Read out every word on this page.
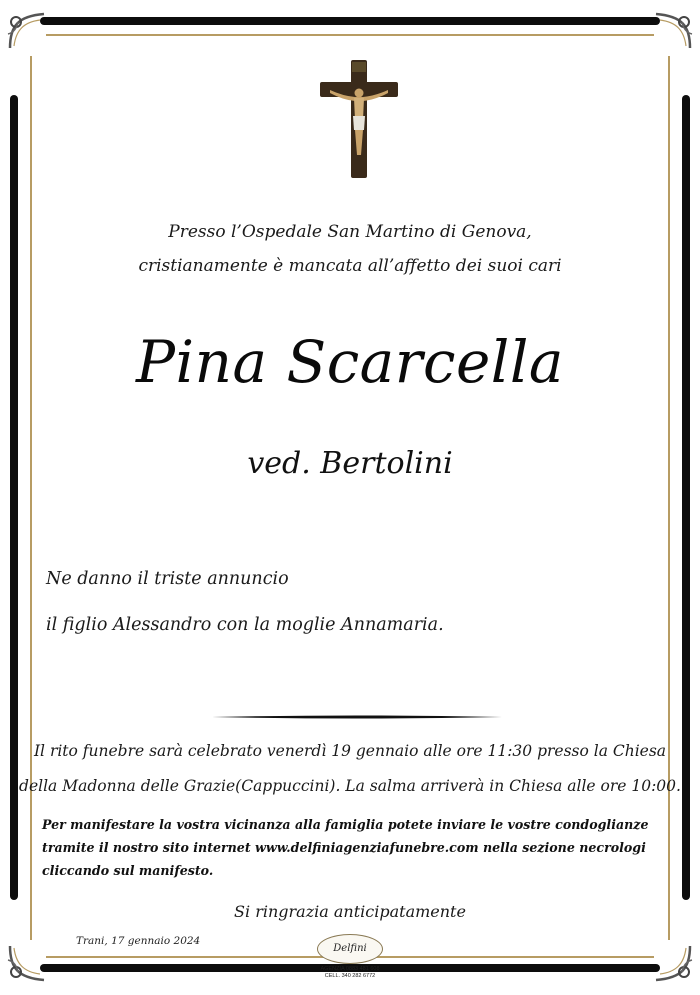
Presso l’Ospedale San Martino di Genova,
cristianamente è mancata all’affetto dei suoi cari
Pina Scarcella
ved. Bertolini
Ne danno il triste annuncio
il figlio Alessandro con la moglie Annamaria.
Il rito funebre sarà celebrato venerdì 19 gennaio alle ore 11:30 presso la Chiesa
della Madonna delle Grazie(Cappuccini). La salma arriverà in Chiesa alle ore 10:00.
Per manifestare la vostra vicinanza alla famiglia potete inviare le vostre condoglianze
tramite il nostro sito internet www.delfiniagenziafunebre.com nella sezione necrologi
cliccando sul manifesto.
Si ringrazia anticipatamente
Trani, 17 gennaio 2024
Delfini
AGENZIA 0883 481 608
CELL. 340 282 6772
